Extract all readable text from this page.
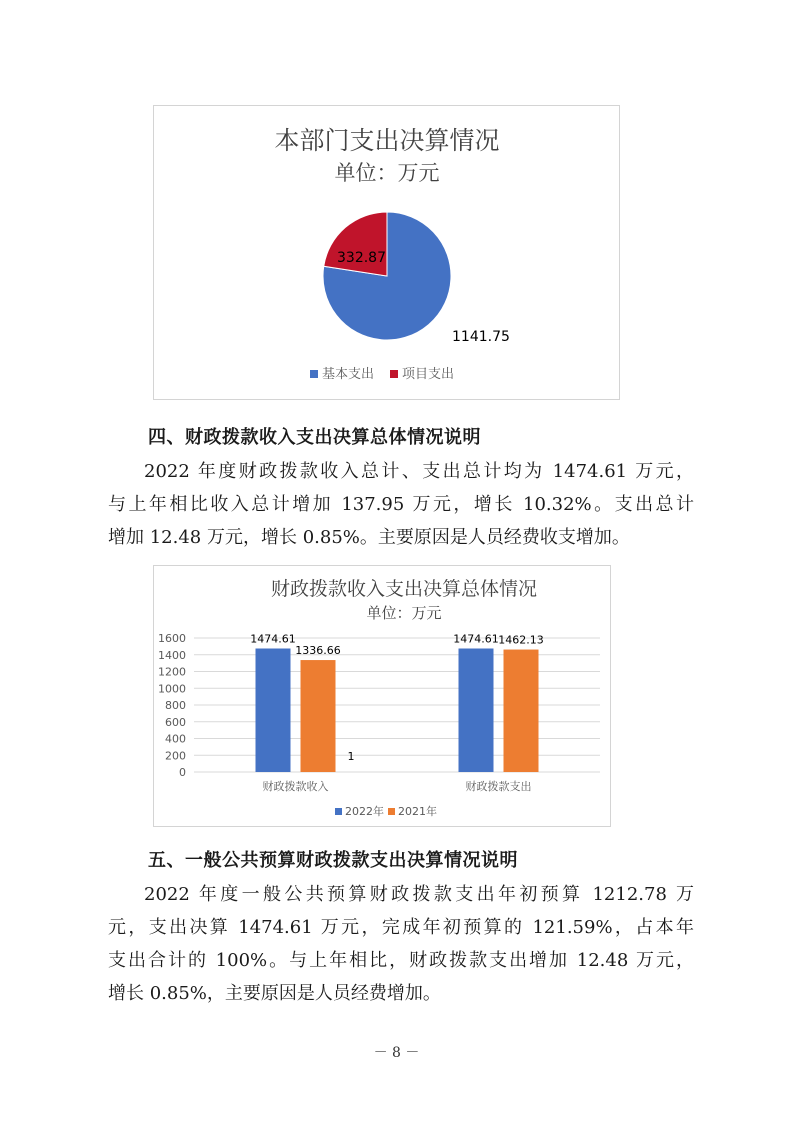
本部门支出决算情况
单位：万元
1141.75
332.87
基本支出 项目支出
四、财政拨款收入支出决算总体情况说明
2022 年度财政拨款收入总计、支出总计均为 1474.61 万元，
与上年相比收入总计增加 137.95 万元，增长 10.32%。支出总计
增加 12.48 万元，增长 0.85%。主要原因是人员经费收支增加。
财政拨款收入支出决算总体情况
单位：万元
0
200
400
600
800
1000
1200
1400
1600	1474.61
1336.66
财政拨款收入
1474.61 1462.13
财政拨款支出
1
2022年 2021年
五、一般公共预算财政拨款支出决算情况说明
2022 年度一般公共预算财政拨款支出年初预算 1212.78 万
元，支出决算 1474.61 万元，完成年初预算的 121.59%，占本年
支出合计的 100%。与上年相比，财政拨款支出增加 12.48 万元，
增长 0.85%，主要原因是人员经费增加。
－ 8 －
